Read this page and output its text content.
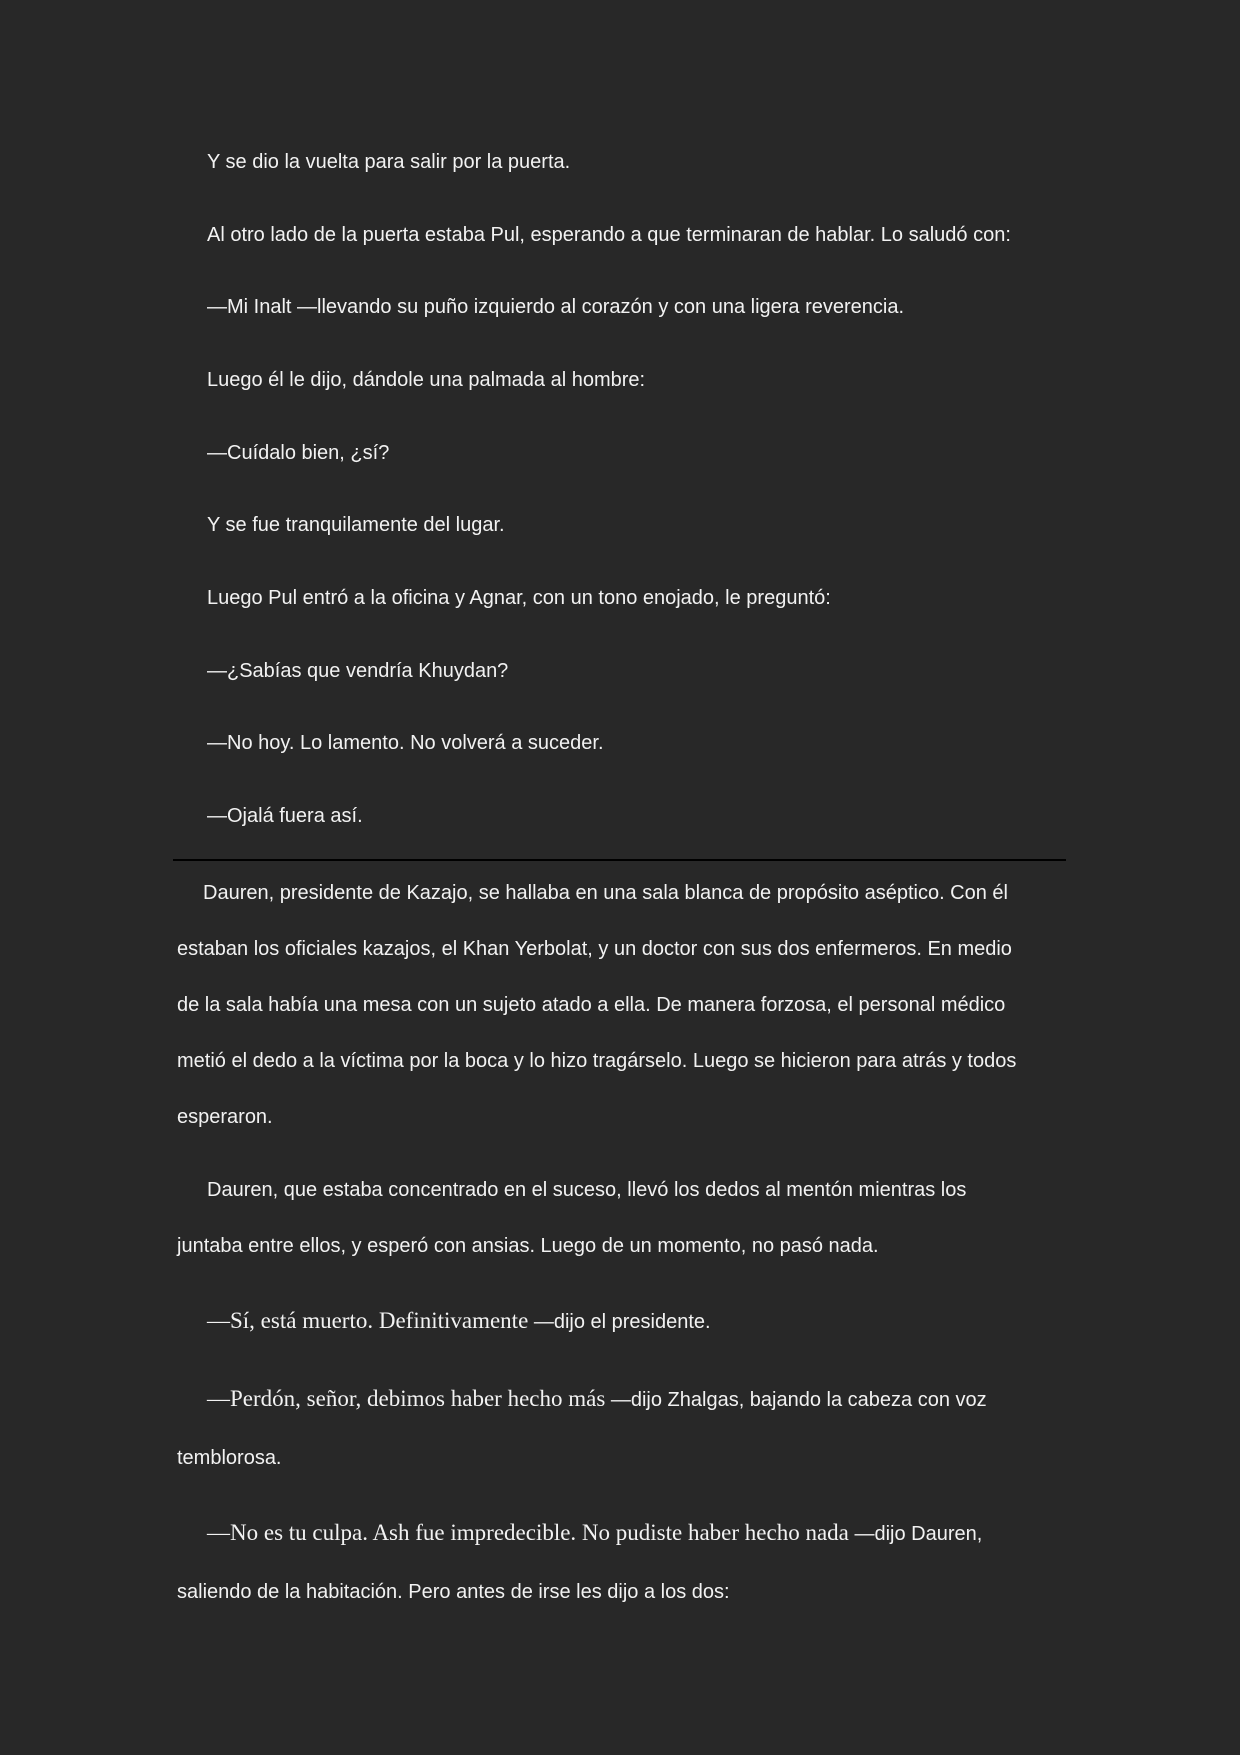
Y se dio la vuelta para salir por la puerta.
Al otro lado de la puerta estaba Pul, esperando a que terminaran de hablar. Lo saludó con:
—Mi Inalt —llevando su puño izquierdo al corazón y con una ligera reverencia.
Luego él le dijo, dándole una palmada al hombre:
—Cuídalo bien, ¿sí?
Y se fue tranquilamente del lugar.
Luego Pul entró a la oficina y Agnar, con un tono enojado, le preguntó:
—¿Sabías que vendría Khuydan?
—No hoy. Lo lamento. No volverá a suceder.
—Ojalá fuera así.
Dauren, presidente de Kazajo, se hallaba en una sala blanca de propósito aséptico. Con él
estaban los oficiales kazajos, el Khan Yerbolat, y un doctor con sus dos enfermeros. En medio
de la sala había una mesa con un sujeto atado a ella. De manera forzosa, el personal médico
metió el dedo a la víctima por la boca y lo hizo tragárselo. Luego se hicieron para atrás y todos
esperaron.
Dauren, que estaba concentrado en el suceso, llevó los dedos al mentón mientras los
juntaba entre ellos, y esperó con ansias. Luego de un momento, no pasó nada.
—Sí, está muerto. Definitivamente —dijo el presidente.
—Perdón, señor, debimos haber hecho más —dijo Zhalgas, bajando la cabeza con voz
temblorosa.
—No es tu culpa. Ash fue impredecible. No pudiste haber hecho nada —dijo Dauren,
saliendo de la habitación. Pero antes de irse les dijo a los dos:
